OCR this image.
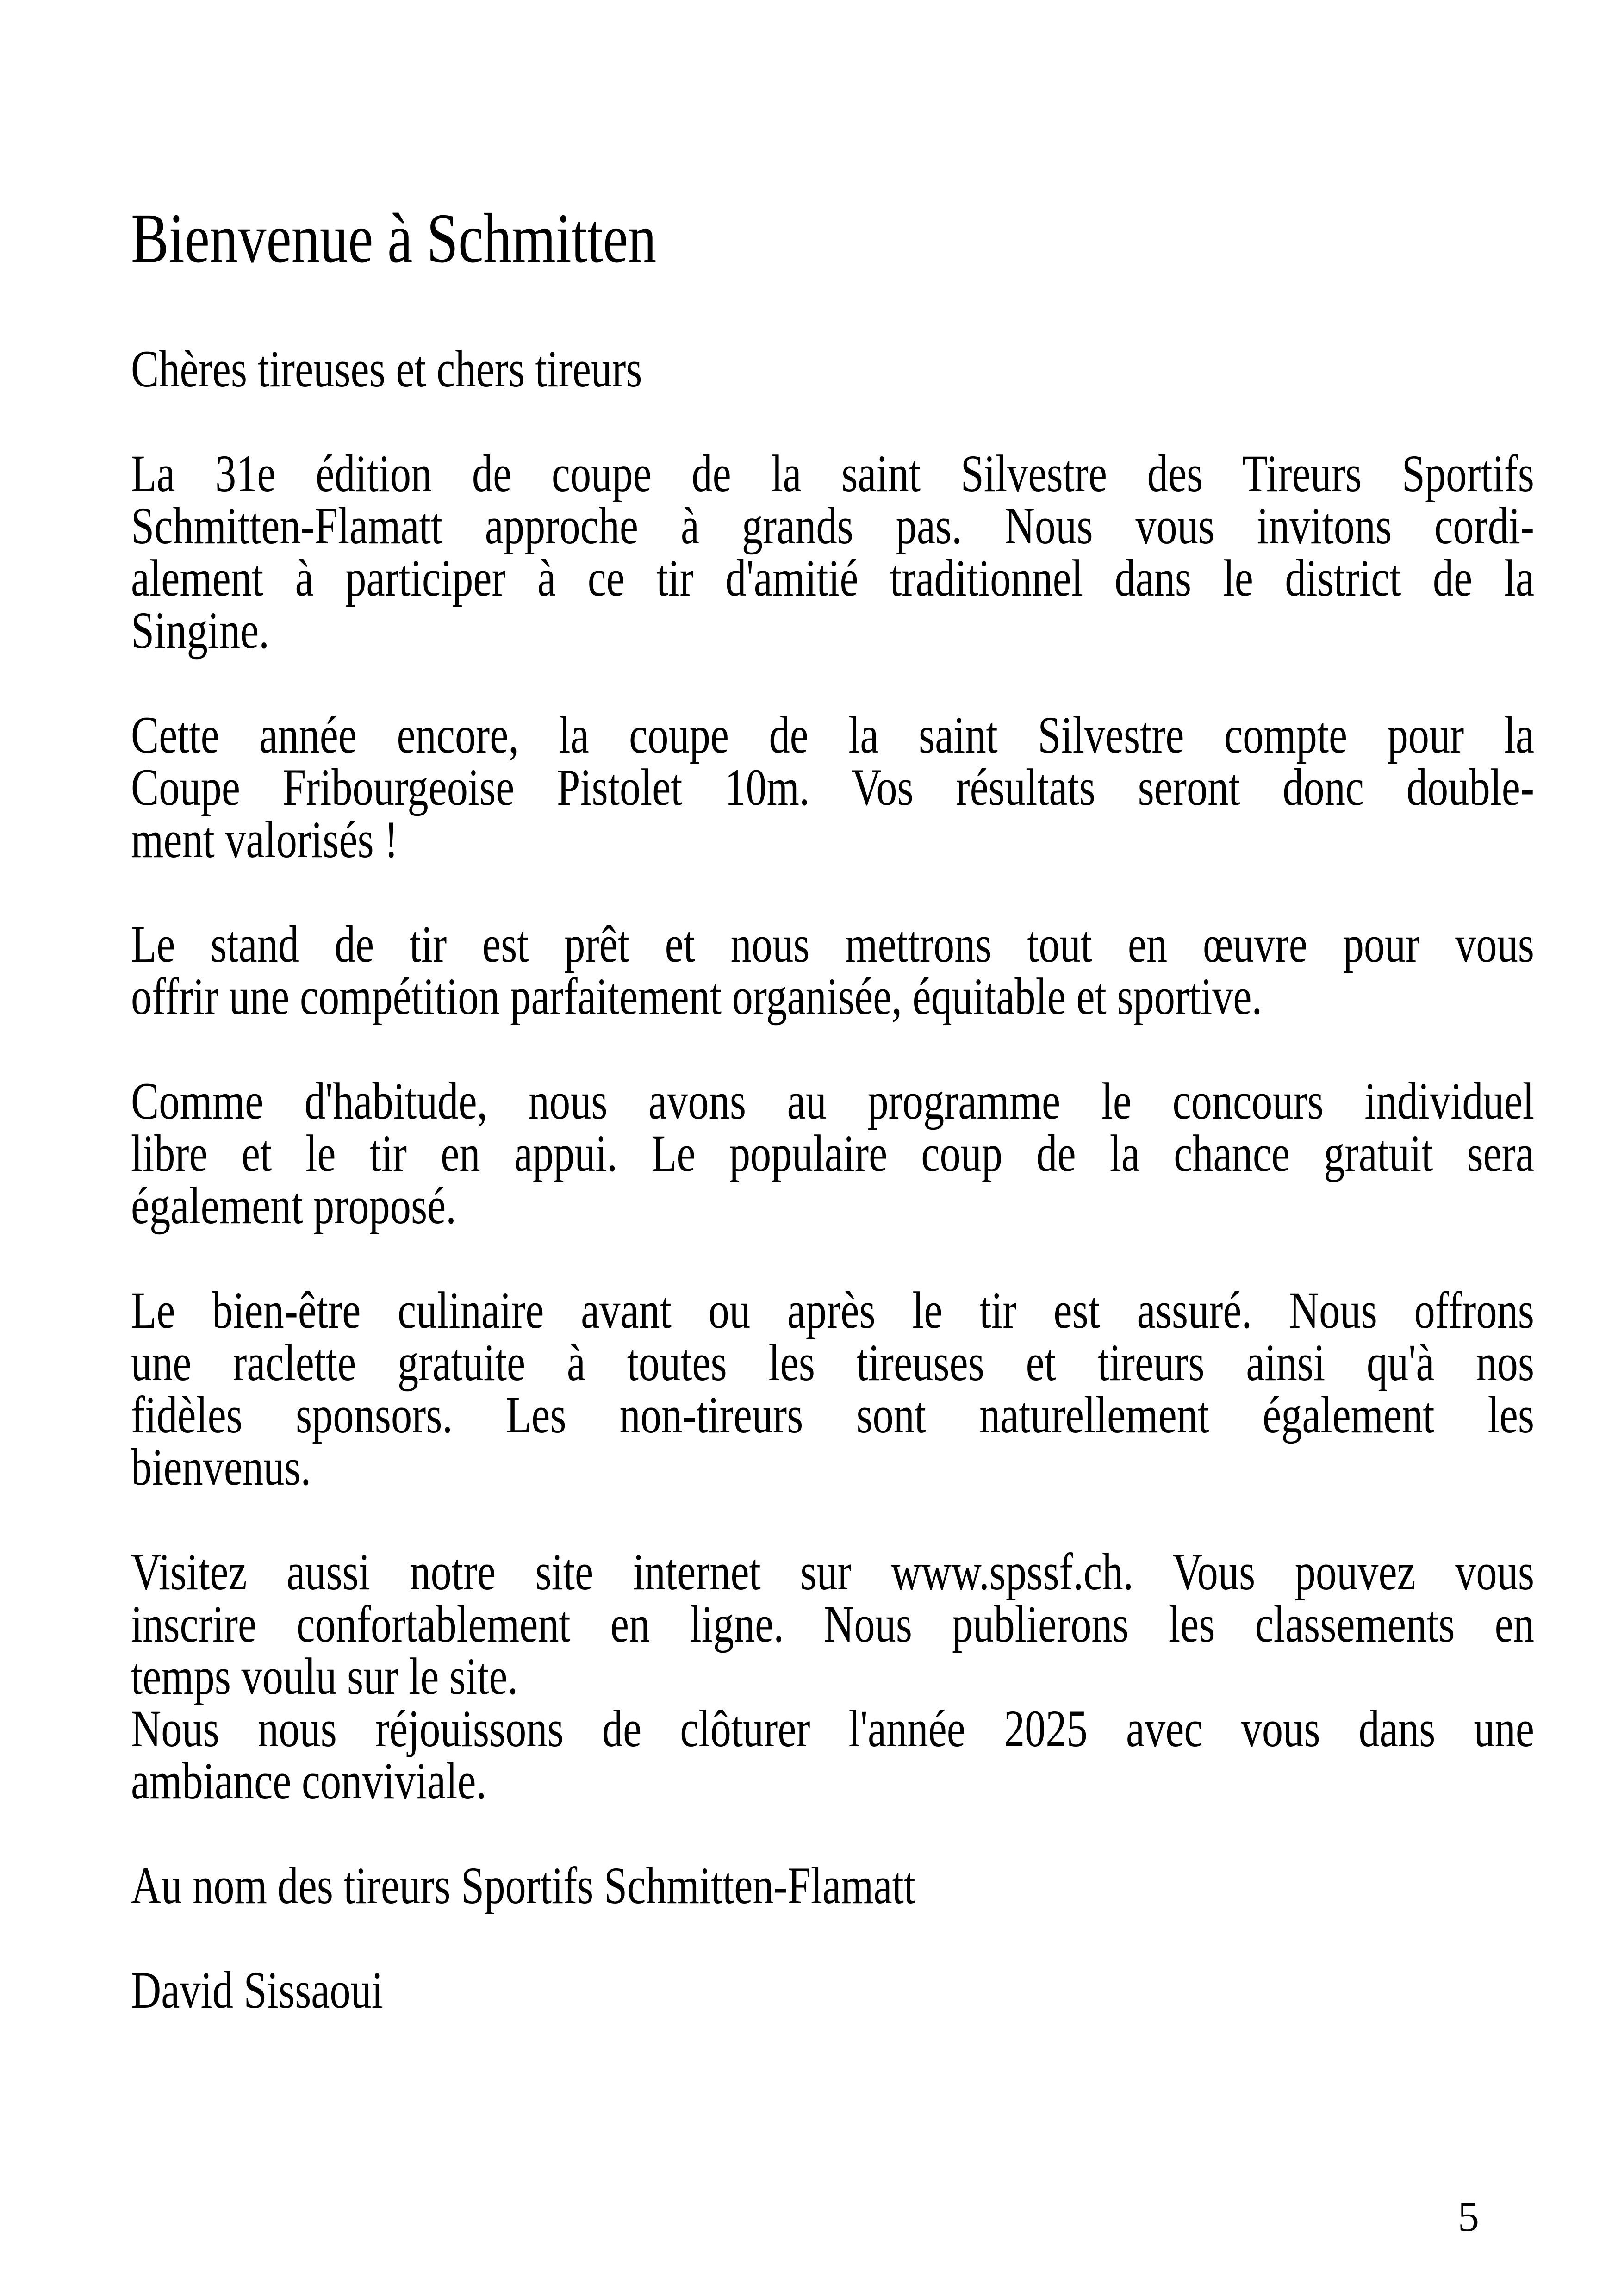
Bienvenue à Schmitten
Chères tireuses et chers tireurs
La 31e édition de coupe de la saint Silvestre des Tireurs Sportifs
Schmitten-Flamatt approche à grands pas. Nous vous invitons cordi-
alement à participer à ce tir d'amitié traditionnel dans le district de la
Singine.
Cette année encore, la coupe de la saint Silvestre compte pour la
Coupe Fribourgeoise Pistolet 10m. Vos résultats seront donc double-
ment valorisés !
Le stand de tir est prêt et nous mettrons tout en œuvre pour vous
offrir une compétition parfaitement organisée, équitable et sportive.
Comme d'habitude, nous avons au programme le concours individuel
libre et le tir en appui. Le populaire coup de la chance gratuit sera
également proposé.
Le bien-être culinaire avant ou après le tir est assuré. Nous offrons
une raclette gratuite à toutes les tireuses et tireurs ainsi qu'à nos
fidèles sponsors. Les non-tireurs sont naturellement également les
bienvenus.
Visitez aussi notre site internet sur www.spssf.ch. Vous pouvez vous
inscrire confortablement en ligne. Nous publierons les classements en
temps voulu sur le site.
Nous nous réjouissons de clôturer l'année 2025 avec vous dans une
ambiance conviviale.
Au nom des tireurs Sportifs Schmitten-Flamatt
David Sissaoui
5
